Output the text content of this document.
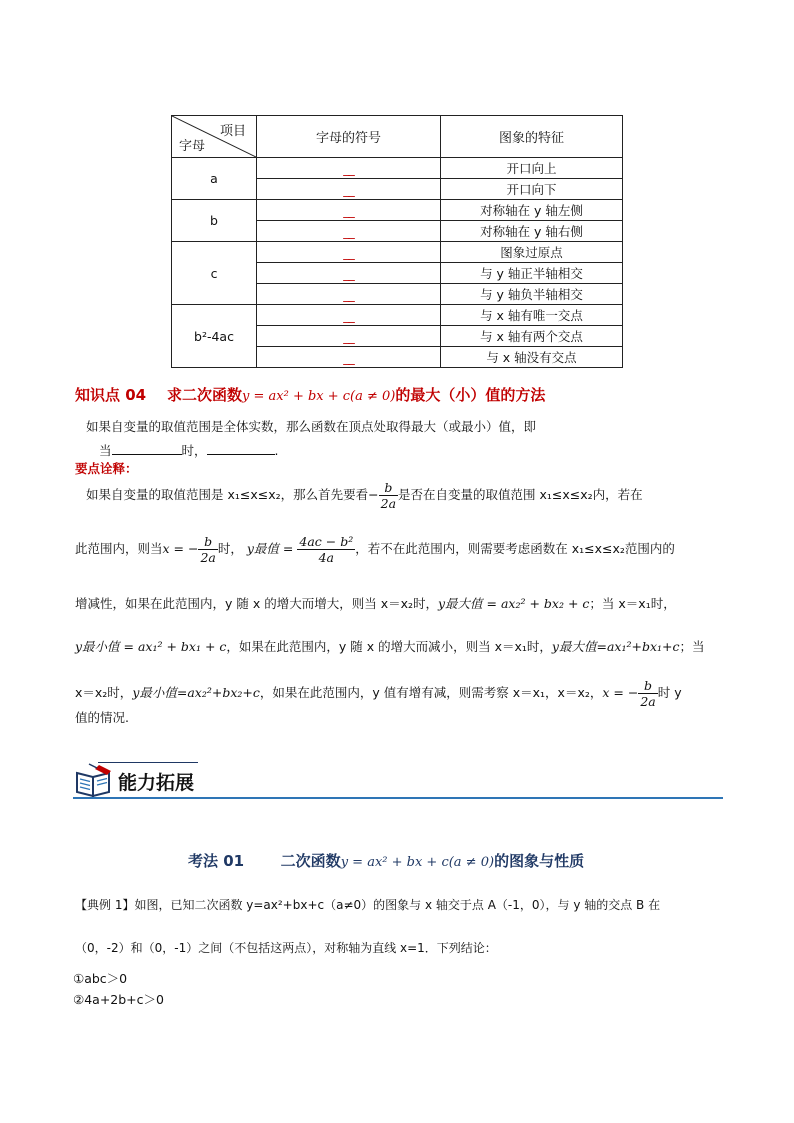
项目
字母	字母的符号	图象的特征
a	__	开口向上
	__	开口向下
b	__	对称轴在 y 轴左侧
	__	对称轴在 y 轴右侧
c	__	图象过原点
	__	与 y 轴正半轴相交
	__	与 y 轴负半轴相交
b²-4ac	__	与 x 轴有唯一交点
	__	与 x 轴有两个交点
	__	与 x 轴没有交点
知识点 04 求二次函数y = ax² + bx + c(a ≠ 0)的最大（小）值的方法
如果自变量的取值范围是全体实数，那么函数在顶点处取得最大（或最小）值，即
当	时，	.
要点诠释：
如果自变量的取值范围是 x₁≤x≤x₂，那么首先要看− $\frac{b}{2a}$ 是否在自变量的取值范围 x₁≤x≤x₂内，若在
此范围内，则当x = − $\frac{b}{2a}$ 时， y最值 = $\frac{\text{4ac − b²}}{4a}$ ，若不在此范围内，则需要考虑函数在 x₁≤x≤x₂范围内的
增减性，如果在此范围内，y 随 x 的增大而增大，则当 x＝x₂时，y最大值 = ax₂² + bx₂ + c；当 x＝x₁时，
y最小值 = ax₁² + bx₁ + c，如果在此范围内，y 随 x 的增大而减小，则当 x＝x₁时，y最大值=ax₁²+bx₁+c；当
x＝x₂时，y最小值=ax₂²+bx₂+c，如果在此范围内，y 值有增有减，则需考察 x＝x₁，x＝x₂，x = − $\frac{b}{2a}$ 时 y
值的情况.
能力拓展
考法 01 二次函数y = ax² + bx + c(a ≠ 0)的图象与性质
【典例 1】如图，已知二次函数 y=ax²+bx+c（a≠0）的图象与 x 轴交于点 A（-1，0），与 y 轴的交点 B 在
（0，-2）和（0，-1）之间（不包括这两点），对称轴为直线 x=1．下列结论：
①abc＞0
②4a+2b+c＞0
